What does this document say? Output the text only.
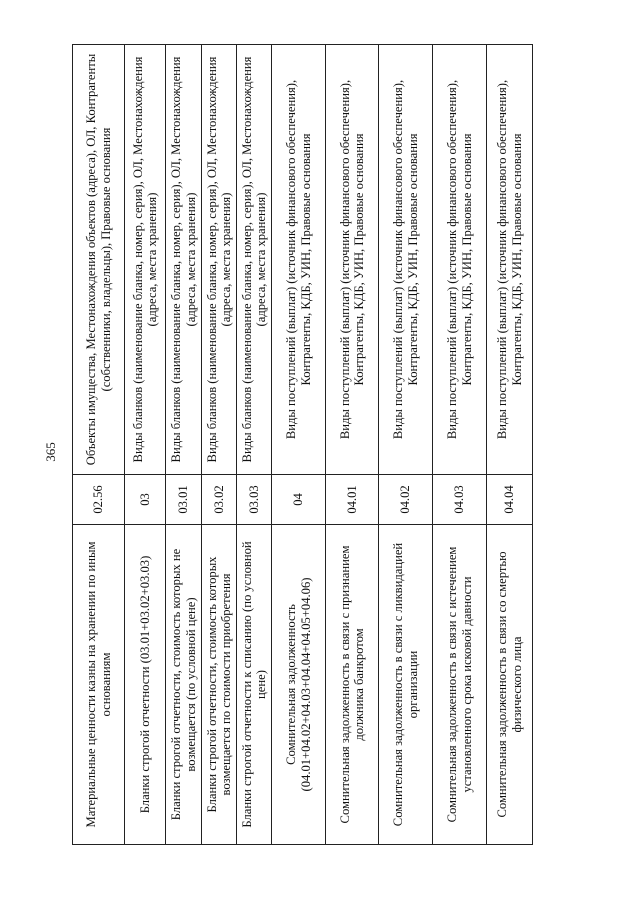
365
Материальные ценности казны на хранении по иным основаниям	02.56	Объекты имущества, Местонахождения объектов (адреса), ОЛ, Контрагенты (собственники, владельцы), Правовые основания
Бланки строгой отчетности (03.01+03.02+03.03)	03	Виды бланков (наименование бланка, номер, серия), ОЛ, Местонахождения (адреса, места хранения)
Бланки строгой отчетности, стоимость которых не возмещается (по условной цене)	03.01	Виды бланков (наименование бланка, номер, серия), ОЛ, Местонахождения (адреса, места хранения)
Бланки строгой отчетности, стоимость которых возмещается по стоимости приобретения	03.02	Виды бланков (наименование бланка, номер, серия), ОЛ, Местонахождения (адреса, места хранения)
Бланки строгой отчетности к списанию (по условной цене)	03.03	Виды бланков (наименование бланка, номер, серия), ОЛ, Местонахождения (адреса, места хранения)
Сомнительная задолженность (04.01+04.02+04.03+04.04+04.05+04.06)	04	Виды поступлений (выплат) (источник финансового обеспечения), Контрагенты, КДБ, УИН, Правовые основания
Сомнительная задолженность в связи с признанием должника банкротом	04.01	Виды поступлений (выплат) (источник финансового обеспечения), Контрагенты, КДБ, УИН, Правовые основания
Сомнительная задолженность в связи с ликвидацией организации	04.02	Виды поступлений (выплат) (источник финансового обеспечения), Контрагенты, КДБ, УИН, Правовые основания
Сомнительная задолженность в связи с истечением установленного срока исковой давности	04.03	Виды поступлений (выплат) (источник финансового обеспечения), Контрагенты, КДБ, УИН, Правовые основания
Сомнительная задолженность в связи со смертью физического лица	04.04	Виды поступлений (выплат) (источник финансового обеспечения), Контрагенты, КДБ, УИН, Правовые основания
